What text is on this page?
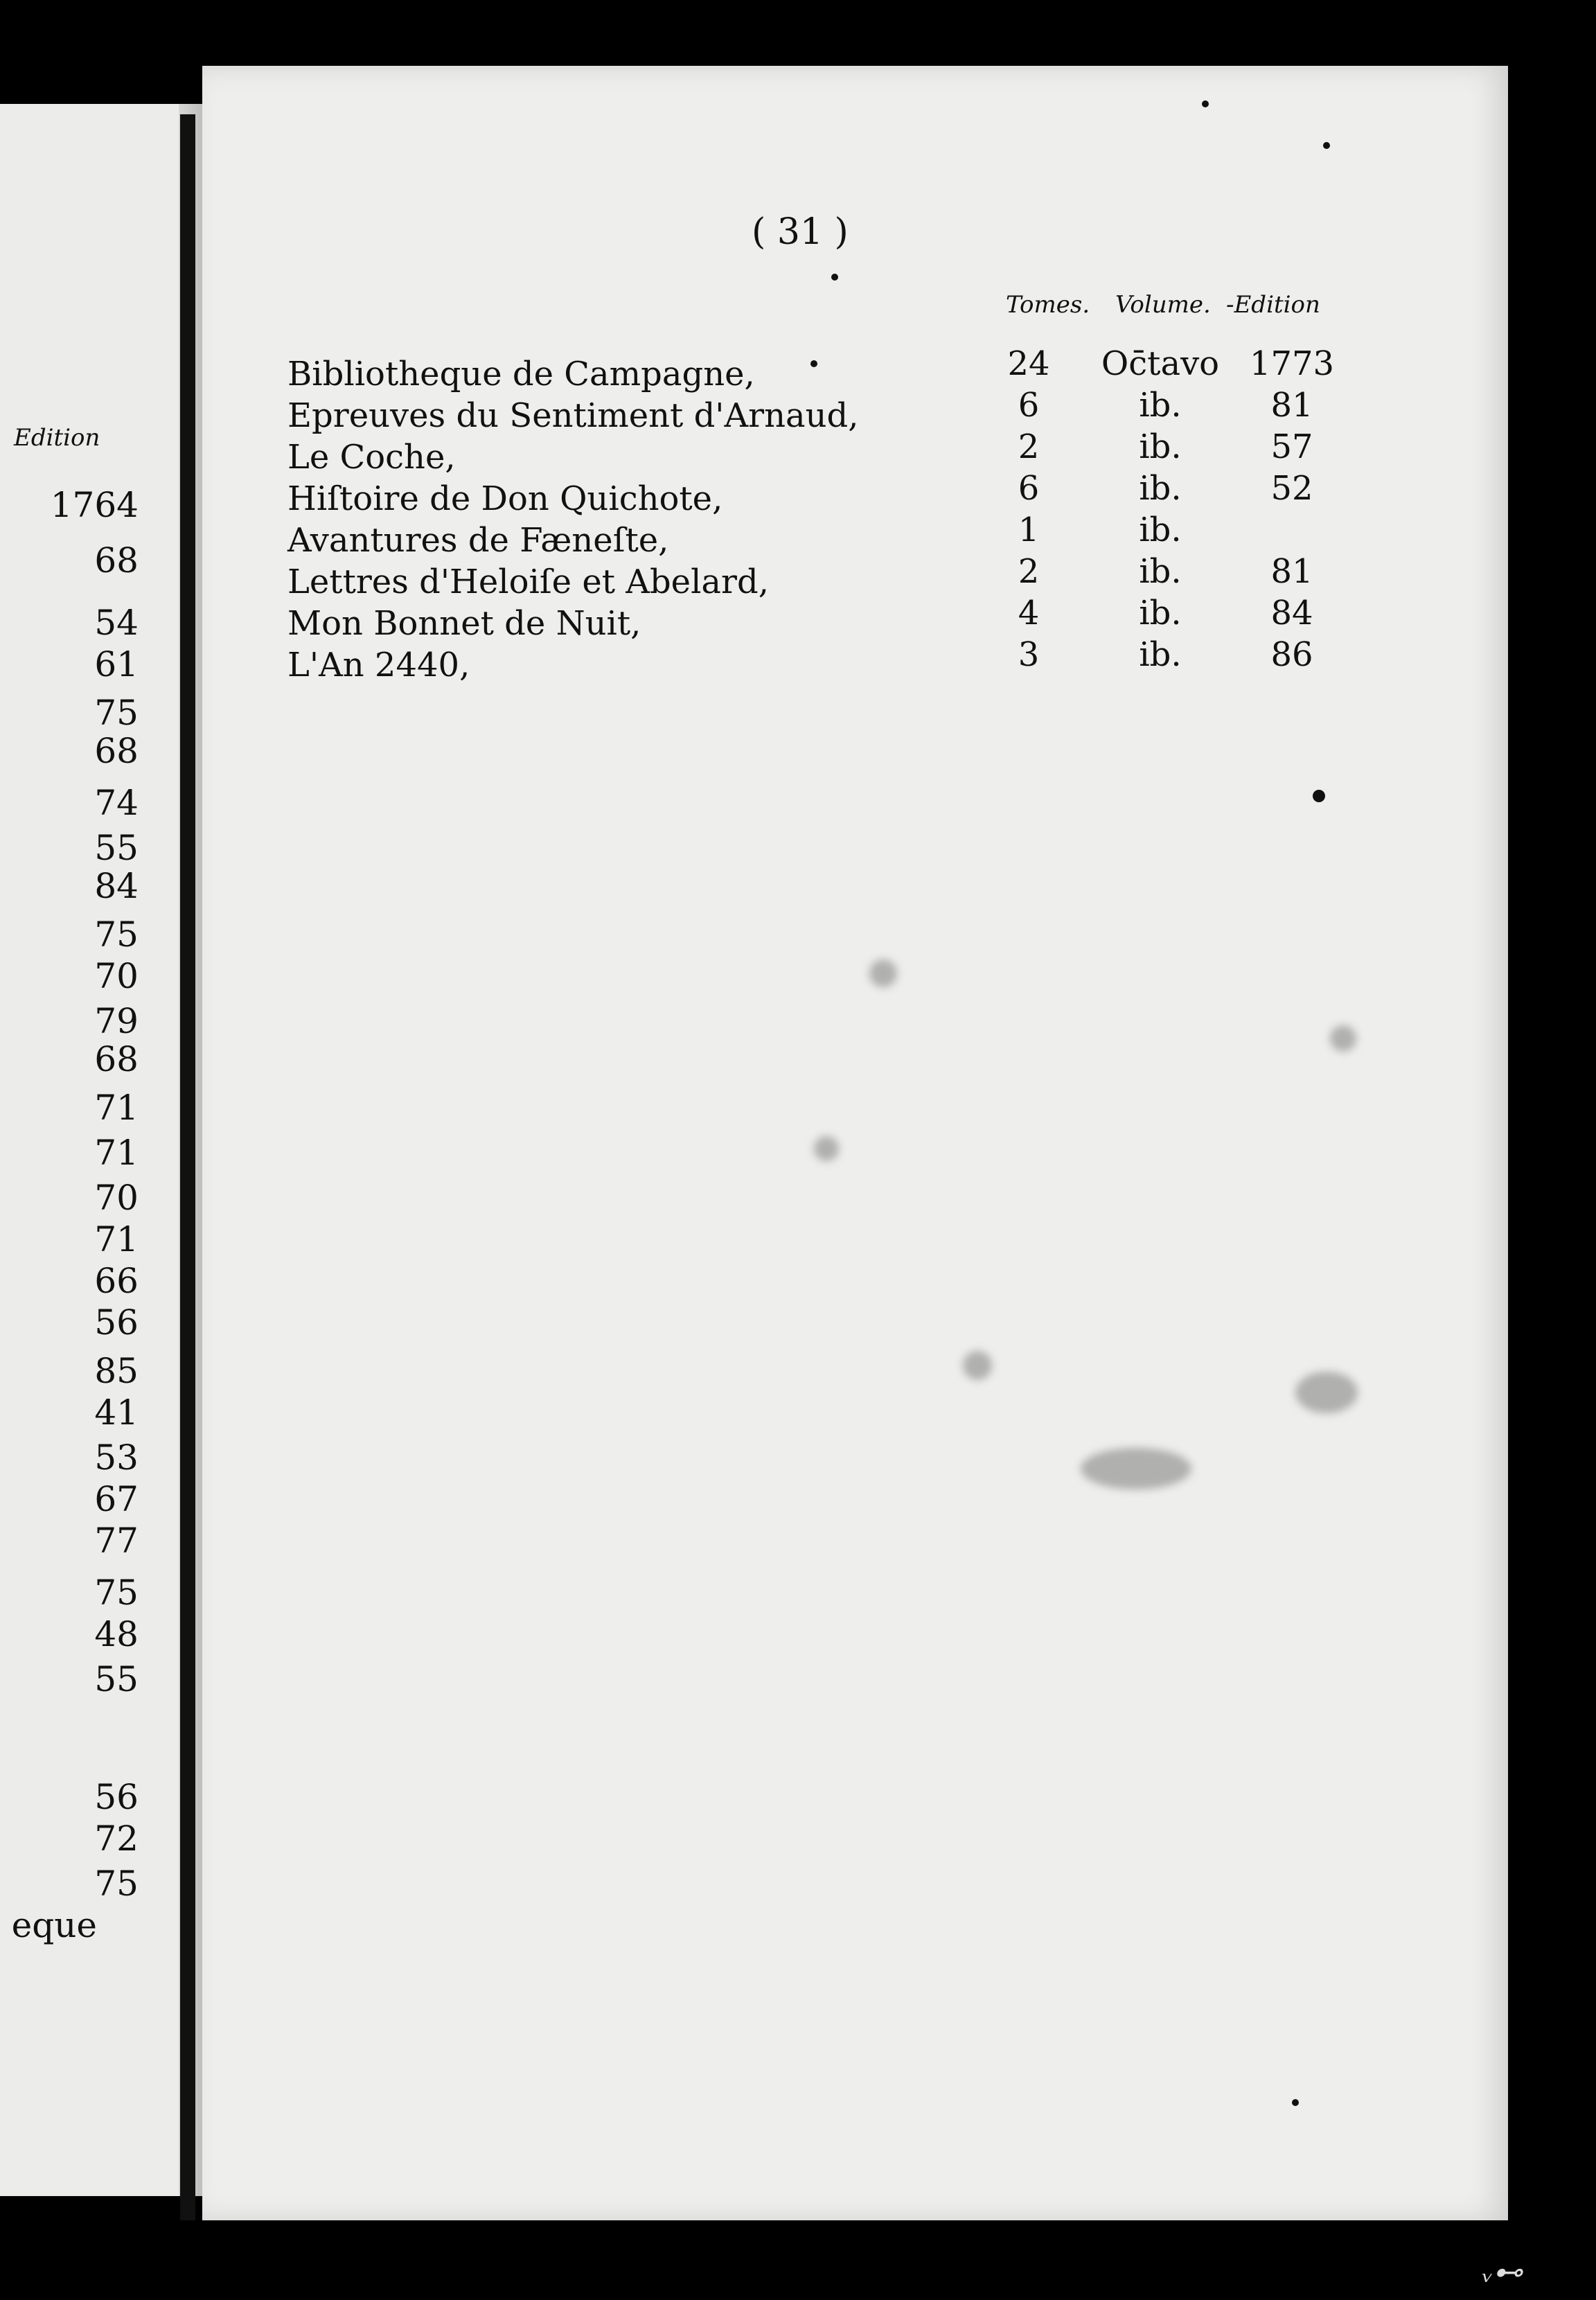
Edition
1764
68
54
61
75
68
74
55
84
75
70
79
68
71
71
70
71
66
56
85
41
53
67
77
75
48
55
56
72
75
eque
( 31 )
Tomes. Volume. -Edition
Bibliotheque de Campagne,	24	Oc̄tavo 1773
Epreuves du Sentiment d'Arnaud,	6	ib.	81
Le Coche,	2	ib.	57
Hiſtoire de Don Quichote,	6	ib.	52
Avantures de Fæneſte,	1	ib.
Lettres d'Heloiſe et Abelard,	2	ib.	81
Mon Bonnet de Nuit,	4	ib.	84
L'An 2440,	3	ib.	86
ᵥ⊷
